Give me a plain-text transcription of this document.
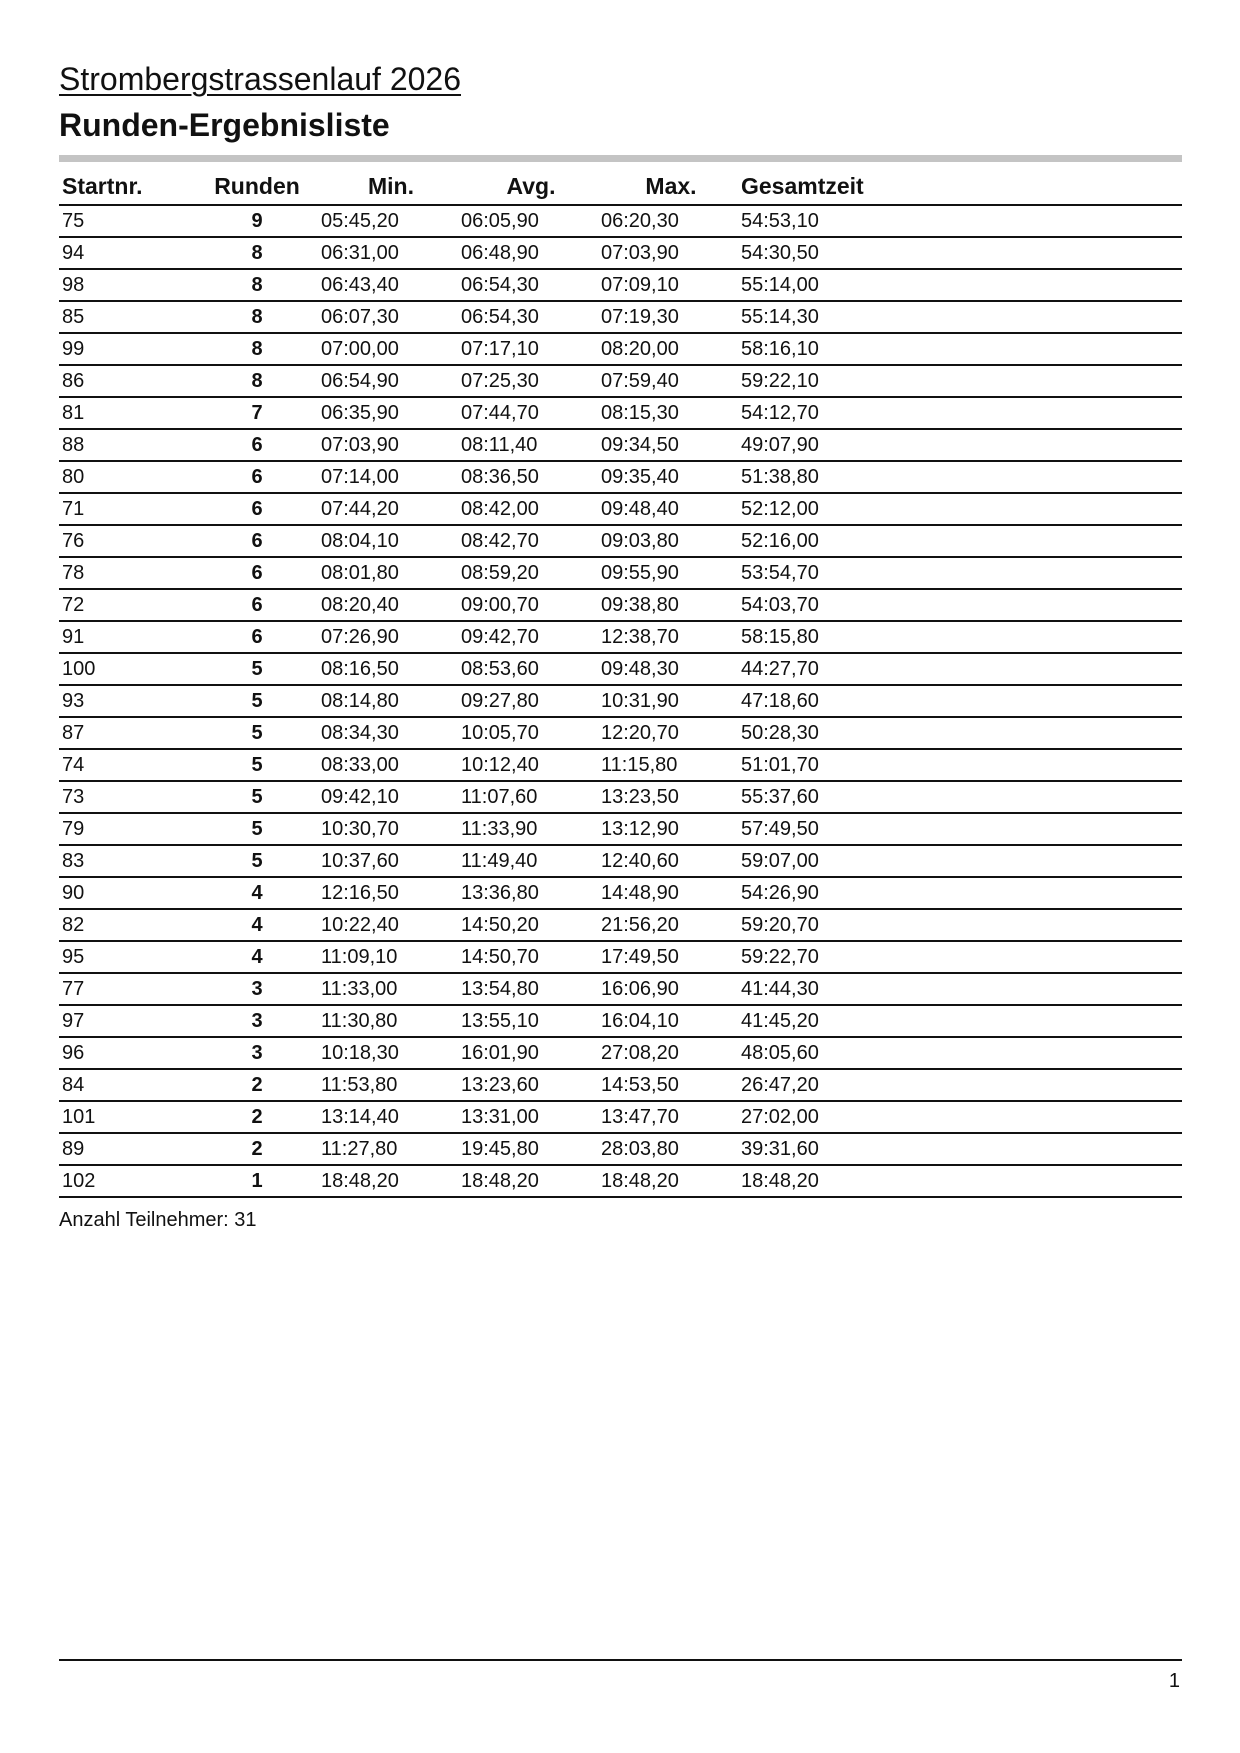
Strombergstrassenlauf 2026
Runden-Ergebnisliste
Startnr.	Runden	Min.	Avg.	Max.	Gesamtzeit
75	9	05:45,20	06:05,90	06:20,30	54:53,10
94	8	06:31,00	06:48,90	07:03,90	54:30,50
98	8	06:43,40	06:54,30	07:09,10	55:14,00
85	8	06:07,30	06:54,30	07:19,30	55:14,30
99	8	07:00,00	07:17,10	08:20,00	58:16,10
86	8	06:54,90	07:25,30	07:59,40	59:22,10
81	7	06:35,90	07:44,70	08:15,30	54:12,70
88	6	07:03,90	08:11,40	09:34,50	49:07,90
80	6	07:14,00	08:36,50	09:35,40	51:38,80
71	6	07:44,20	08:42,00	09:48,40	52:12,00
76	6	08:04,10	08:42,70	09:03,80	52:16,00
78	6	08:01,80	08:59,20	09:55,90	53:54,70
72	6	08:20,40	09:00,70	09:38,80	54:03,70
91	6	07:26,90	09:42,70	12:38,70	58:15,80
100	5	08:16,50	08:53,60	09:48,30	44:27,70
93	5	08:14,80	09:27,80	10:31,90	47:18,60
87	5	08:34,30	10:05,70	12:20,70	50:28,30
74	5	08:33,00	10:12,40	11:15,80	51:01,70
73	5	09:42,10	11:07,60	13:23,50	55:37,60
79	5	10:30,70	11:33,90	13:12,90	57:49,50
83	5	10:37,60	11:49,40	12:40,60	59:07,00
90	4	12:16,50	13:36,80	14:48,90	54:26,90
82	4	10:22,40	14:50,20	21:56,20	59:20,70
95	4	11:09,10	14:50,70	17:49,50	59:22,70
77	3	11:33,00	13:54,80	16:06,90	41:44,30
97	3	11:30,80	13:55,10	16:04,10	41:45,20
96	3	10:18,30	16:01,90	27:08,20	48:05,60
84	2	11:53,80	13:23,60	14:53,50	26:47,20
101	2	13:14,40	13:31,00	13:47,70	27:02,00
89	2	11:27,80	19:45,80	28:03,80	39:31,60
102	1	18:48,20	18:48,20	18:48,20	18:48,20
Anzahl Teilnehmer: 31
1
